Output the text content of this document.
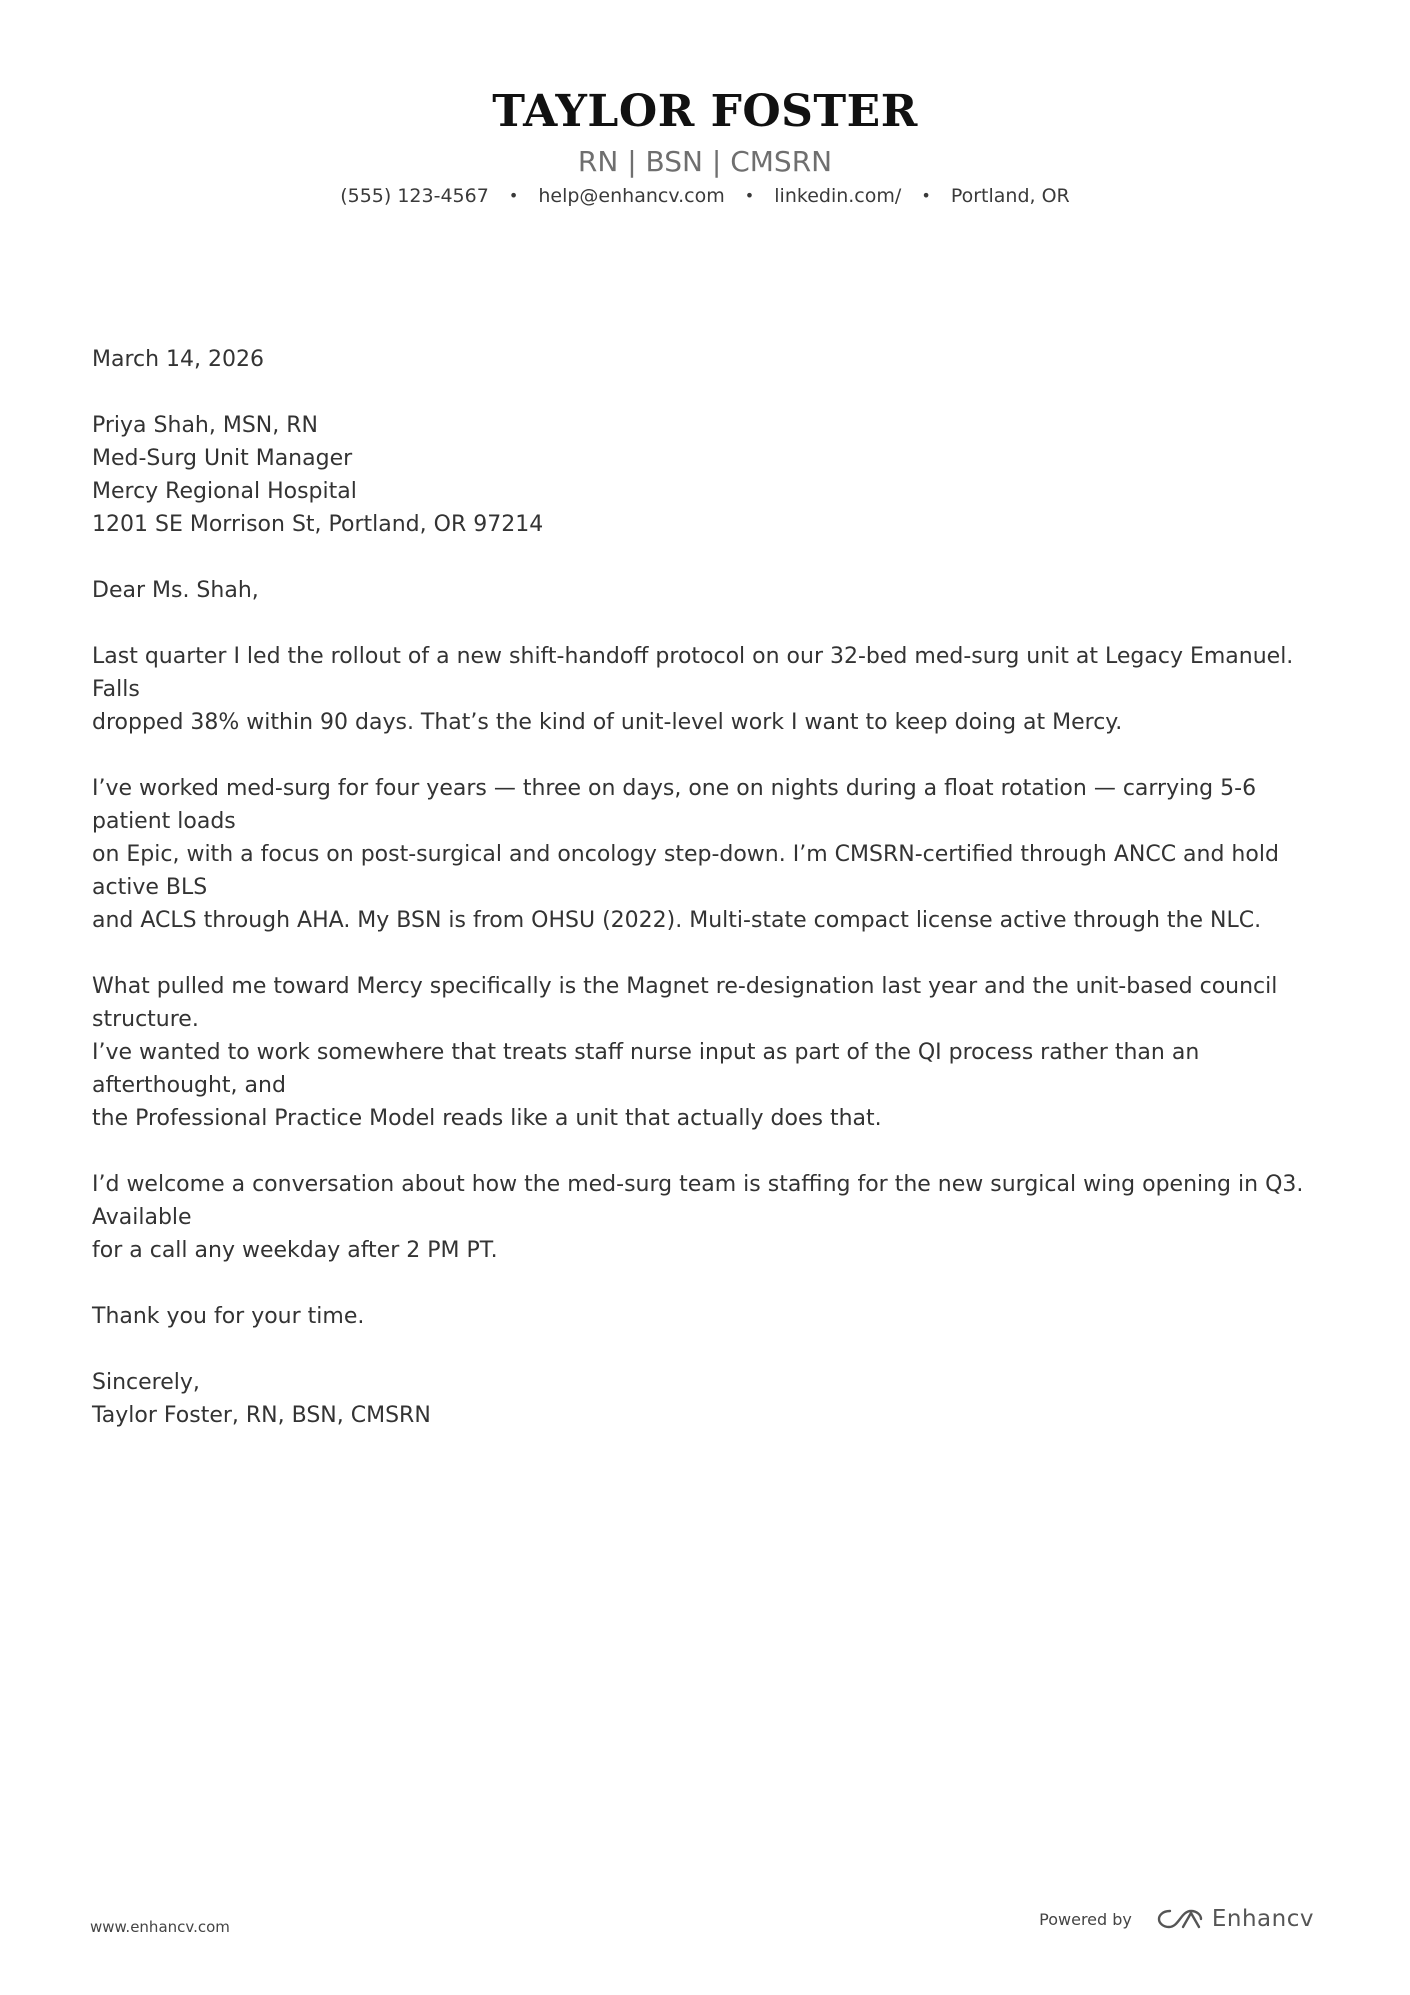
TAYLOR FOSTER
RN | BSN | CMSRN
(555) 123-4567 • help@enhancv.com • linkedin.com/ • Portland, OR

March 14, 2026

Priya Shah, MSN, RN
Med-Surg Unit Manager
Mercy Regional Hospital
1201 SE Morrison St, Portland, OR 97214

Dear Ms. Shah,

Last quarter I led the rollout of a new shift-handoff protocol on our 32-bed med-surg unit at Legacy Emanuel. Falls
dropped 38% within 90 days. That’s the kind of unit-level work I want to keep doing at Mercy.

I’ve worked med-surg for four years — three on days, one on nights during a float rotation — carrying 5-6 patient loads
on Epic, with a focus on post-surgical and oncology step-down. I’m CMSRN-certified through ANCC and hold active BLS
and ACLS through AHA. My BSN is from OHSU (2022). Multi-state compact license active through the NLC.

What pulled me toward Mercy specifically is the Magnet re-designation last year and the unit-based council structure.
I’ve wanted to work somewhere that treats staff nurse input as part of the QI process rather than an afterthought, and
the Professional Practice Model reads like a unit that actually does that.

I’d welcome a conversation about how the med-surg team is staffing for the new surgical wing opening in Q3. Available
for a call any weekday after 2 PM PT.

Thank you for your time.

Sincerely,
Taylor Foster, RN, BSN, CMSRN

www.enhancv.com	Powered by	Enhancv
